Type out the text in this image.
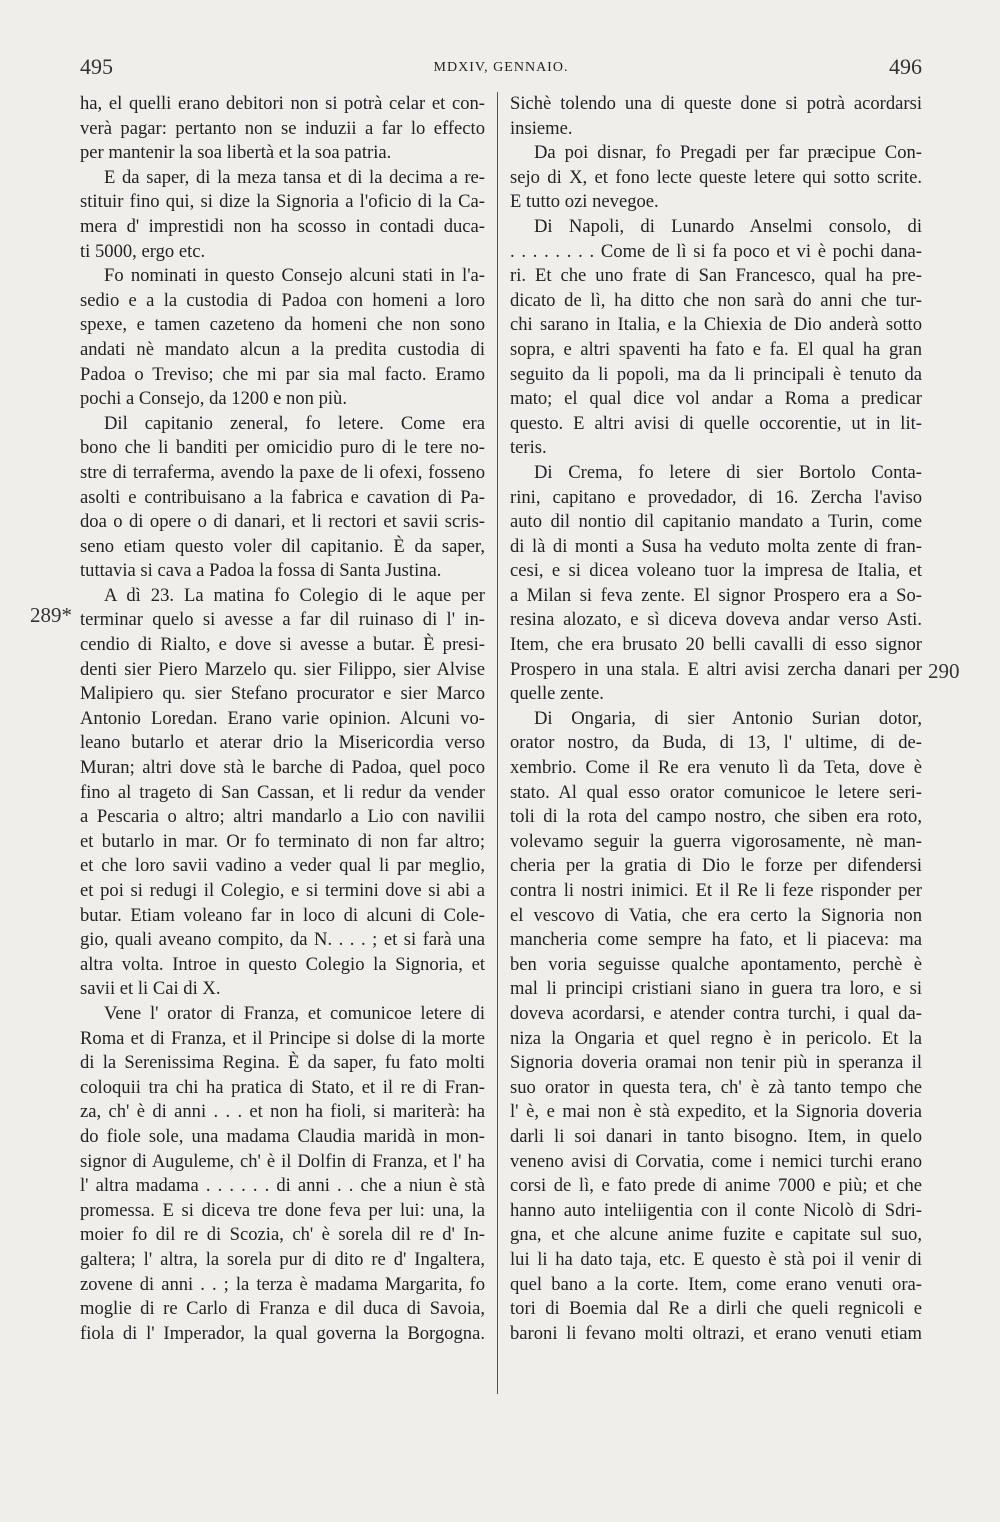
495	MDXIV, GENNAIO.	496
ha, el quelli erano debitori non si potrà celar et con-
verà pagar: pertanto non se induzii a far lo effecto
per mantenir la soa libertà et la soa patria.
E da saper, di la meza tansa et di la decima a re-
stituir fino qui, si dize la Signoria a l'oficio di la Ca-
mera d' imprestidi non ha scosso in contadi duca-
ti 5000, ergo etc.
Fo nominati in questo Consejo alcuni stati in l'a-
sedio e a la custodia di Padoa con homeni a loro
spexe, e tamen cazeteno da homeni che non sono
andati nè mandato alcun a la predita custodia di
Padoa o Treviso; che mi par sia mal facto. Eramo
pochi a Consejo, da 1200 e non più.
Dil capitanio zeneral, fo letere. Come era
bono che li banditi per omicidio puro di le tere no-
stre di terraferma, avendo la paxe de li ofexi, fosseno
asolti e contribuisano a la fabrica e cavation di Pa-
doa o di opere o di danari, et li rectori et savii scris-
seno etiam questo voler dil capitanio. È da saper,
tuttavia si cava a Padoa la fossa di Santa Justina.
A dì 23. La matina fo Colegio di le aque per
terminar quelo si avesse a far dil ruinaso di l' in-
cendio di Rialto, e dove si avesse a butar. È presi-
denti sier Piero Marzelo qu. sier Filippo, sier Alvise
Malipiero qu. sier Stefano procurator e sier Marco
Antonio Loredan. Erano varie opinion. Alcuni vo-
leano butarlo et aterar drio la Misericordia verso
Muran; altri dove stà le barche di Padoa, quel poco
fino al trageto di San Cassan, et li redur da vender
a Pescaria o altro; altri mandarlo a Lio con navilii
et butarlo in mar. Or fo terminato di non far altro;
et che loro savii vadino a veder qual li par meglio,
et poi si redugi il Colegio, e si termini dove si abi a
butar. Etiam voleano far in loco di alcuni di Cole-
gio, quali aveano compito, da N. . . . ; et si farà una
altra volta. Introe in questo Colegio la Signoria, et
savii et li Cai di X.
Vene l' orator di Franza, et comunicoe letere di
Roma et di Franza, et il Principe si dolse di la morte
di la Serenissima Regina. È da saper, fu fato molti
coloquii tra chi ha pratica di Stato, et il re di Fran-
za, ch' è di anni . . . et non ha fioli, si mariterà: ha
do fiole sole, una madama Claudia maridà in mon-
signor di Auguleme, ch' è il Dolfin di Franza, et l' ha
l' altra madama . . . . . . di anni . . che a niun è stà
promessa. E si diceva tre done feva per lui: una, la
moier fo dil re di Scozia, ch' è sorela dil re d' In-
galtera; l' altra, la sorela pur di dito re d' Ingaltera,
zovene di anni . . ; la terza è madama Margarita, fo
moglie di re Carlo di Franza e dil duca di Savoia,
fiola di l' Imperador, la qual governa la Borgogna.
Sichè tolendo una di queste done si potrà acordarsi
insieme.
Da poi disnar, fo Pregadi per far præcipue Con-
sejo di X, et fono lecte queste letere qui sotto scrite.
E tutto ozi nevegoe.
Di Napoli, di Lunardo Anselmi consolo, di
. . . . . . . . Come de lì si fa poco et vi è pochi dana-
ri. Et che uno frate di San Francesco, qual ha pre-
dicato de lì, ha ditto che non sarà do anni che tur-
chi sarano in Italia, e la Chiexia de Dio anderà sotto
sopra, e altri spaventi ha fato e fa. El qual ha gran
seguito da li popoli, ma da li principali è tenuto da
mato; el qual dice vol andar a Roma a predicar
questo. E altri avisi di quelle occorentie, ut in lit-
teris.
Di Crema, fo letere di sier Bortolo Conta-
rini, capitano e provedador, di 16. Zercha l'aviso
auto dil nontio dil capitanio mandato a Turin, come
di là di monti a Susa ha veduto molta zente di fran-
cesi, e si dicea voleano tuor la impresa de Italia, et
a Milan si feva zente. El signor Prospero era a So-
resina alozato, e sì diceva doveva andar verso Asti.
Item, che era brusato 20 belli cavalli di esso signor
Prospero in una stala. E altri avisi zercha danari per
quelle zente.
Di Ongaria, di sier Antonio Surian dotor,
orator nostro, da Buda, di 13, l' ultime, di de-
xembrio. Come il Re era venuto lì da Teta, dove è
stato. Al qual esso orator comunicoe le letere seri-
toli di la rota del campo nostro, che siben era roto,
volevamo seguir la guerra vigorosamente, nè man-
cheria per la gratia di Dio le forze per difendersi
contra li nostri inimici. Et il Re li feze risponder per
el vescovo di Vatia, che era certo la Signoria non
mancheria come sempre ha fato, et li piaceva: ma
ben voria seguisse qualche apontamento, perchè è
mal li principi cristiani siano in guera tra loro, e si
doveva acordarsi, e atender contra turchi, i qual da-
niza la Ongaria et quel regno è in pericolo. Et la
Signoria doveria oramai non tenir più in speranza il
suo orator in questa tera, ch' è zà tanto tempo che
l' è, e mai non è stà expedito, et la Signoria doveria
darli li soi danari in tanto bisogno. Item, in quelo
veneno avisi di Corvatia, come i nemici turchi erano
corsi de lì, e fato prede di anime 7000 e più; et che
hanno auto inteliigentia con il conte Nicolò di Sdri-
gna, et che alcune anime fuzite e capitate sul suo,
lui li ha dato taja, etc. E questo è stà poi il venir di
quel bano a la corte. Item, come erano venuti ora-
tori di Boemia dal Re a dirli che queli regnicoli e
baroni li fevano molti oltrazi, et erano venuti etiam
289*
290
